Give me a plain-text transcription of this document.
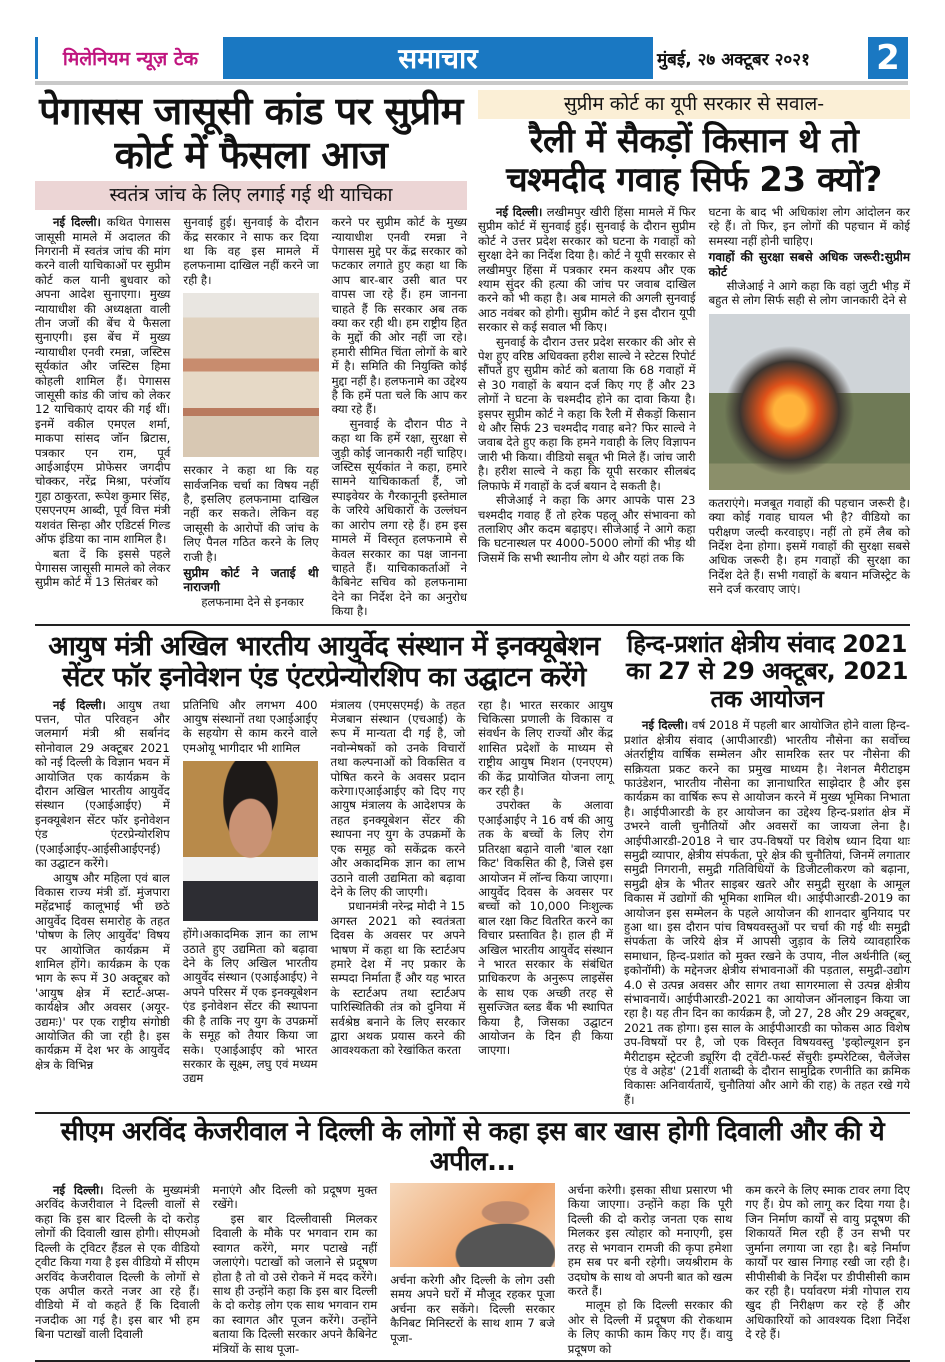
मिलेनियम न्यूज़ टेक	समाचार	मुंबई, २७ अक्टूबर २०२१	2
पेगासस जासूसी कांड पर सुप्रीम कोर्ट में फैसला आज
स्वतंत्र जांच के लिए लगाई गई थी याचिका

नई दिल्ली। कथित पेगासस जासूसी मामले में अदालत की निगरानी में स्वतंत्र जांच की मांग करने वाली याचिकाओं पर सुप्रीम कोर्ट कल यानी बुधवार को अपना आदेश सुनाएगा। मुख्य न्यायाधीश की अध्यक्षता वाली तीन जजों की बेंच ये फैसला सुनाएगी। इस बेंच में मुख्य न्यायाधीश एनवी रमन्ना, जस्टिस सूर्यकांत और जस्टिस हिमा कोहली शामिल हैं। पेगासस जासूसी कांड की जांच को लेकर 12 याचिकाएं दायर की गई थीं। इनमें वकील एमएल शर्मा, माकपा सांसद जॉन ब्रिटास, पत्रकार एन राम, पूर्व आईआईएम प्रोफेसर जगदीप चोक्कर, नरेंद्र मिश्रा, परंजॉय गुहा ठाकुरता, रूपेश कुमार सिंह, एसएनएम आब्दी, पूर्व वित्त मंत्री यशवंत सिन्हा और एडिटर्स गिल्ड ऑफ इंडिया का नाम शामिल है।

बता दें कि इससे पहले पेगासस जासूसी मामले को लेकर सुप्रीम कोर्ट में 13 सितंबर को

सुनवाई हुई। सुनवाई के दौरान केंद्र सरकार ने साफ कर दिया था कि वह इस मामले में हलफनामा दाखिल नहीं करने जा रही है।

सरकार ने कहा था कि यह सार्वजनिक चर्चा का विषय नहीं है, इसलिए हलफनामा दाखिल नहीं कर सकते। लेकिन वह जासूसी के आरोपों की जांच के लिए पैनल गठित करने के लिए राजी है।

सुप्रीम कोर्ट ने जताई थी नाराजगी

हलफनामा देने से इनकार

करने पर सुप्रीम कोर्ट के मुख्य न्यायाधीश एनवी रमन्ना ने पेगासस मुद्दे पर केंद्र सरकार को फटकार लगाते हुए कहा था कि आप बार-बार उसी बात पर वापस जा रहे हैं। हम जानना चाहते हैं कि सरकार अब तक क्या कर रही थी। हम राष्ट्रीय हित के मुद्दों की ओर नहीं जा रहे। हमारी सीमित चिंता लोगों के बारे में है। समिति की नियुक्ति कोई मुद्दा नहीं है। हलफनामे का उद्देश्य है कि हमें पता चले कि आप कर क्या रहे हैं।

सुनवाई के दौरान पीठ ने कहा था कि हमें रक्षा, सुरक्षा से जुड़ी कोई जानकारी नहीं चाहिए। जस्टिस सूर्यकांत ने कहा, हमारे सामने याचिकाकर्ता हैं, जो स्पाइवेयर के गैरकानूनी इस्तेमाल के जरिये अधिकारों के उल्लंघन का आरोप लगा रहे हैं। हम इस मामले में विस्तृत हलफनामे से केवल सरकार का पक्ष जानना चाहते हैं। याचिकाकर्ताओं ने कैबिनेट सचिव को हलफनामा देने का निर्देश देने का अनुरोध किया है।

सुप्रीम कोर्ट का यूपी सरकार से सवाल-
रैली में सैकड़ों किसान थे तो चश्मदीद गवाह सिर्फ 23 क्यों?

नई दिल्ली। लखीमपुर खीरी हिंसा मामले में फिर सुप्रीम कोर्ट में सुनवाई हुई। सुनवाई के दौरान सुप्रीम कोर्ट ने उत्तर प्रदेश सरकार को घटना के गवाहों को सुरक्षा देने का निर्देश दिया है। कोर्ट ने यूपी सरकार से लखीमपुर हिंसा में पत्रकार रमन कश्यप और एक श्याम सुंदर की हत्या की जांच पर जवाब दाखिल करने को भी कहा है। अब मामले की अगली सुनवाई आठ नवंबर को होगी। सुप्रीम कोर्ट ने इस दौरान यूपी सरकार से कई सवाल भी किए।

सुनवाई के दौरान उत्तर प्रदेश सरकार की ओर से पेश हुए वरिष्ठ अधिवक्ता हरीश साल्वे ने स्टेटस रिपोर्ट सौंपते हुए सुप्रीम कोर्ट को बताया कि 68 गवाहों में से 30 गवाहों के बयान दर्ज किए गए हैं और 23 लोगों ने घटना के चश्मदीद होने का दावा किया है। इसपर सुप्रीम कोर्ट ने कहा कि रैली में सैकड़ों किसान थे और सिर्फ 23 चश्मदीद गवाह बने? फिर साल्वे ने जवाब देते हुए कहा कि हमने गवाही के लिए विज्ञापन जारी भी किया। वीडियो सबूत भी मिले हैं। जांच जारी है। हरीश साल्वे ने कहा कि यूपी सरकार सीलबंद लिफाफे में गवाहों के दर्ज बयान दे सकती है।

सीजेआई ने कहा कि अगर आपके पास 23 चश्मदीद गवाह हैं तो हरेक पहलू और संभावना को तलाशिए और कदम बढ़ाइए। सीजेआई ने आगे कहा कि घटनास्थल पर 4000-5000 लोगों की भीड़ थी जिसमें कि सभी स्थानीय लोग थे और यहां तक कि

घटना के बाद भी अधिकांश लोग आंदोलन कर रहे हैं। तो फिर, इन लोगों की पहचान में कोई समस्या नहीं होनी चाहिए।

गवाहों की सुरक्षा सबसे अधिक जरूरी:सुप्रीम कोर्ट

सीजेआई ने आगे कहा कि वहां जुटी भीड़ में बहुत से लोग सिर्फ सही से लोग जानकारी देने से

कतराएंगे। मजबूत गवाहों की पहचान जरूरी है। क्या कोई गवाह घायल भी है? वीडियो का परीक्षण जल्दी करवाइए। नहीं तो हमें लैब को निर्देश देना होगा। इसमें गवाहों की सुरक्षा सबसे अधिक जरूरी है। हम गवाहों की सुरक्षा का निर्देश देते हैं। सभी गवाहों के बयान मजिस्ट्रेट के सने दर्ज करवाए जाएं।

आयुष मंत्री अखिल भारतीय आयुर्वेद संस्थान में इनक्यूबेशन सेंटर फॉर इनोवेशन एंड एंटरप्रेन्योरशिप का उद्घाटन करेंगे

नई दिल्ली। आयुष तथा पत्तन, पोत परिवहन और जलमार्ग मंत्री श्री सर्बानंद सोनोवाल 29 अक्टूबर 2021 को नई दिल्ली के विज्ञान भवन में आयोजित एक कार्यक्रम के दौरान अखिल भारतीय आयुर्वेद संस्थान (एआईआईए) में इनक्यूबेशन सेंटर फॉर इनोवेशन एंड एंटरप्रेन्योरशिप (एआईआईए-आईसीआईएनई) का उद्घाटन करेंगे।

आयुष और महिला एवं बाल विकास राज्य मंत्री डॉ. मुंजपारा महेंद्रभाई कालूभाई भी छठे आयुर्वेद दिवस समारोह के तहत 'पोषण के लिए आयुर्वेद' विषय पर आयोजित कार्यक्रम में शामिल होंगे। कार्यक्रम के एक भाग के रूप में 30 अक्टूबर को 'आयुष क्षेत्र में स्टार्ट-अप्स- कार्यक्षेत्र और अवसर (अयूर-उद्यमः)' पर एक राष्ट्रीय संगोष्ठी आयोजित की जा रही है। इस कार्यक्रम में देश भर के आयुर्वेद क्षेत्र के विभिन्न

प्रतिनिधि और लगभग 400 आयुष संस्थानों तथा एआईआईए के सहयोग से काम करने वाले एमओयू भागीदार भी शामिल

होंगे।अकादमिक ज्ञान का लाभ उठाते हुए उद्यमिता को बढ़ावा देने के लिए अखिल भारतीय आयुर्वेद संस्थान (एआईआईए) ने अपने परिसर में एक इनक्यूबेशन एंड इनोवेशन सेंटर की स्थापना की है ताकि नए युग के उपक्रमों के समूह को तैयार किया जा सके। एआईआईए को भारत सरकार के सूक्ष्म, लघु एवं मध्यम उद्यम

मंत्रालय (एमएसएमई) के तहत मेजबान संस्थान (एचआई) के रूप में मान्यता दी गई है, जो नवोन्मेषकों को उनके विचारों तथा कल्पनाओं को विकसित व पोषित करने के अवसर प्रदान करेगा।एआईआईए को दिए गए आयुष मंत्रालय के आदेशपत्र के तहत इनक्यूबेशन सेंटर की स्थापना नए युग के उपक्रमों के एक समूह को सकेंद्रक करने और अकादमिक ज्ञान का लाभ उठाने वाली उद्यमिता को बढ़ावा देने के लिए की जाएगी।

प्रधानमंत्री नरेन्द्र मोदी ने 15 अगस्त 2021 को स्वतंत्रता दिवस के अवसर पर अपने भाषण में कहा था कि स्टार्टअप हमारे देश में नए प्रकार के सम्पदा निर्माता हैं और यह भारत के स्टार्टअप तथा स्टार्टअप पारिस्थितिकी तंत्र को दुनिया में सर्वश्रेष्ठ बनाने के लिए सरकार द्वारा अथक प्रयास करने की आवश्यकता को रेखांकित करता

रहा है। भारत सरकार आयुष चिकित्सा प्रणाली के विकास व संवर्धन के लिए राज्यों और केंद्र शासित प्रदेशों के माध्यम से राष्ट्रीय आयुष मिशन (एनएएम) की केंद्र प्रायोजित योजना लागू कर रही है।

उपरोक्त के अलावा एआईआईए ने 16 वर्ष की आयु तक के बच्चों के लिए रोग प्रतिरक्षा बढ़ाने वाली 'बाल रक्षा किट' विकसित की है, जिसे इस आयोजन में लॉन्च किया जाएगा। आयुर्वेद दिवस के अवसर पर बच्चों को 10,000 निःशुल्क बाल रक्षा किट वितरित करने का विचार प्रस्तावित है। हाल ही में अखिल भारतीय आयुर्वेद संस्थान ने भारत सरकार के संबंधित प्राधिकरण के अनुरूप लाइसेंस के साथ एक अच्छी तरह से सुसज्जित ब्लड बैंक भी स्थापित किया है, जिसका उद्घाटन आयोजन के दिन ही किया जाएगा।

हिन्द-प्रशांत क्षेत्रीय संवाद 2021 का 27 से 29 अक्टूबर, 2021 तक आयोजन

नई दिल्ली। वर्ष 2018 में पहली बार आयोजित होने वाला हिन्द-प्रशांत क्षेत्रीय संवाद (आपीआरडी) भारतीय नौसेना का सर्वोच्च अंतर्राष्ट्रीय वार्षिक सम्मेलन और सामरिक स्तर पर नौसेना की सक्रियता प्रकट करने का प्रमुख माध्यम है। नेशनल मैरीटाइम फाउंडेशन, भारतीय नौसेना का ज्ञानाधारित साझेदार है और इस कार्यक्रम का वार्षिक रूप से आयोजन करने में मुख्य भूमिका निभाता है। आईपीआरडी के हर आयोजन का उद्देश्य हिन्द-प्रशांत क्षेत्र में उभरने वाली चुनौतियों और अवसरों का जायजा लेना है। आईपीआरडी-2018 ने चार उप-विषयों पर विशेष ध्यान दिया थाः समुद्री व्यापार, क्षेत्रीय संपर्कता, पूरे क्षेत्र की चुनौतियां, जिनमें लगातार समुद्री निगरानी, समुद्री गतिविधियों के डिजीटलीकरण को बढ़ाना, समुद्री क्षेत्र के भीतर साइबर खतरे और समुद्री सुरक्षा के आमूल विकास में उद्योगों की भूमिका शामिल थी। आईपीआरडी-2019 का आयोजन इस सम्मेलन के पहले आयोजन की शानदार बुनियाद पर हुआ था। इस दौरान पांच विषयवस्तुओं पर चर्चा की गई थीः समुद्री संपर्कता के जरिये क्षेत्र में आपसी जुड़ाव के लिये व्यावहारिक समाधान, हिन्द-प्रशांत को मुक्त रखने के उपाय, नील अर्थनीति (ब्लू इकोनॉमी) के मद्देनजर क्षेत्रीय संभावनाओं की पड़ताल, समुद्री-उद्योग 4.0 से उत्पन्न अवसर और सागर तथा सागरमाला से उत्पन्न क्षेत्रीय संभावनायें। आईपीआरडी-2021 का आयोजन ऑनलाइन किया जा रहा है। यह तीन दिन का कार्यक्रम है, जो 27, 28 और 29 अक्टूबर, 2021 तक होगा। इस साल के आईपीआरडी का फोकस आठ विशेष उप-विषयों पर है, जो एक विस्तृत विषयवस्तु 'इव्होल्यूशन इन मैरीटाइम स्ट्रेटजी ड्यूरिंग दी ट्वेंटी-फर्स्ट सेंचुरीः इम्परेटिव्स, चैलेंजेस एंड वे अहेड' (21वीं शताब्दी के दौरान सामुद्रिक रणनीति का क्रमिक विकासः अनिवार्यतायें, चुनौतियां और आगे की राह) के तहत रखे गये हैं।

सीएम अरविंद केजरीवाल ने दिल्ली के लोगों से कहा इस बार खास होगी दिवाली और की ये अपील...

नई दिल्ली। दिल्ली के मुख्यमंत्री अरविंद केजरीवाल ने दिल्ली वालों से कहा कि इस बार दिल्ली के दो करोड़ लोगों की दिवाली खास होगी। सीएमओ दिल्ली के ट्विटर हैंडल से एक वीडियो ट्वीट किया गया है इस वीडियो में सीएम अरविंद केजरीवाल दिल्ली के लोगों से एक अपील करते नजर आ रहे हैं। वीडियो में वो कहते हैं कि दिवाली नजदीक आ गई है। इस बार भी हम बिना पटाखों वाली दिवाली

मनाएंगे और दिल्ली को प्रदूषण मुक्त रखेंगे।

इस बार दिल्लीवासी मिलकर दिवाली के मौके पर भगवान राम का स्वागत करेंगे, मगर पटाखे नहीं जलाएंगे। पटाखों को जलाने से प्रदूषण होता है तो वो उसे रोकने में मदद करेंगे। साथ ही उन्होंने कहा कि इस बार दिल्ली के दो करोड़ लोग एक साथ भगवान राम का स्वागत और पूजन करेंगे। उन्होंने बताया कि दिल्ली सरकार अपने कैबिनेट मंत्रियों के साथ पूजा-

अर्चना करेगी और दिल्ली के लोग उसी समय अपने घरों में मौजूद रहकर पूजा अर्चना कर सकेंगे। दिल्ली सरकार कैनिबट मिनिस्टरों के साथ शाम 7 बजे पूजा-

अर्चना करेगी। इसका सीधा प्रसारण भी किया जाएगा। उन्होंने कहा कि पूरी दिल्ली की दो करोड़ जनता एक साथ मिलकर इस त्योहार को मनाएगी, इस तरह से भगवान रामजी की कृपा हमेशा हम सब पर बनी रहेगी। जयश्रीराम के उदघोष के साथ वो अपनी बात को खत्म करते हैं।

मालूम हो कि दिल्ली सरकार की ओर से दिल्ली में प्रदूषण की रोकथाम के लिए काफी काम किए गए हैं। वायु प्रदूषण को

कम करने के लिए स्माक टावर लगा दिए गए हैं। ग्रेप को लागू कर दिया गया है। जिन निर्माण कार्यों से वायु प्रदूषण की शिकायतें मिल रही हैं उन सभी पर जुर्माना लगाया जा रहा है। बड़े निर्माण कार्यों पर खास निगाह रखी जा रही है। सीपीसीबी के निर्देश पर डीपीसीसी काम कर रही है। पर्यावरण मंत्री गोपाल राय खुद ही निरीक्षण कर रहे हैं और अधिकारियों को आवश्यक दिशा निर्देश दे रहे हैं।
